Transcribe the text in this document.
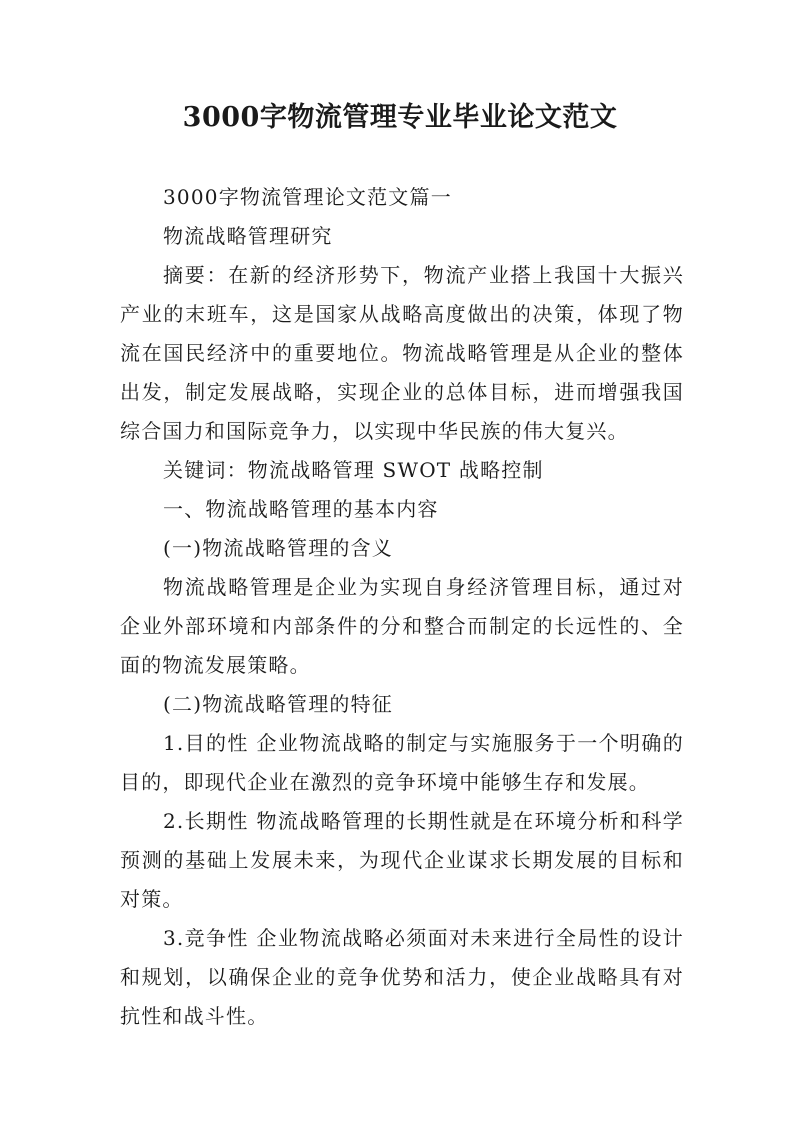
3000字物流管理专业毕业论文范文

3000字物流管理论文范文篇一

物流战略管理研究

摘要：在新的经济形势下，物流产业搭上我国十大振兴产业的末班车，这是国家从战略高度做出的决策，体现了物流在国民经济中的重要地位。物流战略管理是从企业的整体出发，制定发展战略，实现企业的总体目标，进而增强我国综合国力和国际竞争力，以实现中华民族的伟大复兴。

关键词：物流战略管理 SWOT 战略控制

一、物流战略管理的基本内容

(一)物流战略管理的含义

物流战略管理是企业为实现自身经济管理目标，通过对企业外部环境和内部条件的分和整合而制定的长远性的、全面的物流发展策略。

(二)物流战略管理的特征

1.目的性 企业物流战略的制定与实施服务于一个明确的目的，即现代企业在激烈的竞争环境中能够生存和发展。

2.长期性 物流战略管理的长期性就是在环境分析和科学预测的基础上发展未来，为现代企业谋求长期发展的目标和对策。

3.竞争性 企业物流战略必须面对未来进行全局性的设计和规划，以确保企业的竞争优势和活力，使企业战略具有对抗性和战斗性。
